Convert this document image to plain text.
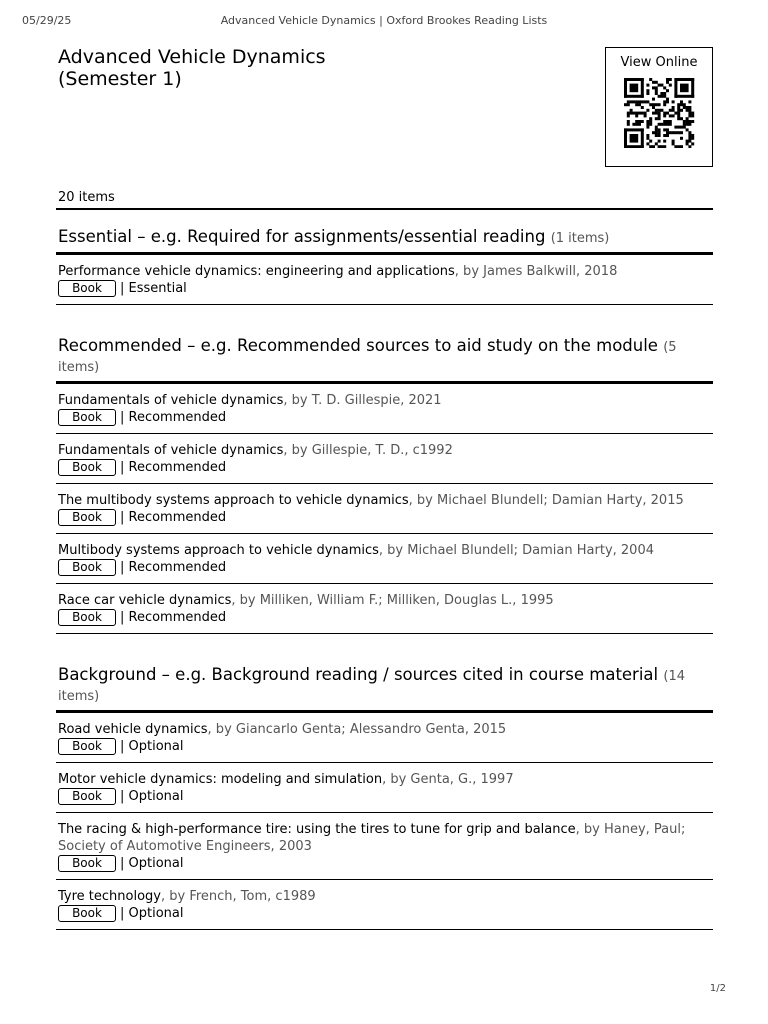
05/29/25	Advanced Vehicle Dynamics | Oxford Brookes Reading Lists
Advanced Vehicle Dynamics
(Semester 1)
View Online
20 items
Essential – e.g. Required for assignments/essential reading (1 items)
Performance vehicle dynamics: engineering and applications, by James Balkwill, 2018
Book	| Essential
Recommended – e.g. Recommended sources to aid study on the module (5 items)
Fundamentals of vehicle dynamics, by T. D. Gillespie, 2021
Book	| Recommended
Fundamentals of vehicle dynamics, by Gillespie, T. D., c1992
Book	| Recommended
The multibody systems approach to vehicle dynamics, by Michael Blundell; Damian Harty, 2015
Book	| Recommended
Multibody systems approach to vehicle dynamics, by Michael Blundell; Damian Harty, 2004
Book	| Recommended
Race car vehicle dynamics, by Milliken, William F.; Milliken, Douglas L., 1995
Book	| Recommended
Background – e.g. Background reading / sources cited in course material (14 items)
Road vehicle dynamics, by Giancarlo Genta; Alessandro Genta, 2015
Book	| Optional
Motor vehicle dynamics: modeling and simulation, by Genta, G., 1997
Book	| Optional
The racing & high-performance tire: using the tires to tune for grip and balance, by Haney, Paul; Society of Automotive Engineers, 2003
Book	| Optional
Tyre technology, by French, Tom, c1989
Book	| Optional
1/2
